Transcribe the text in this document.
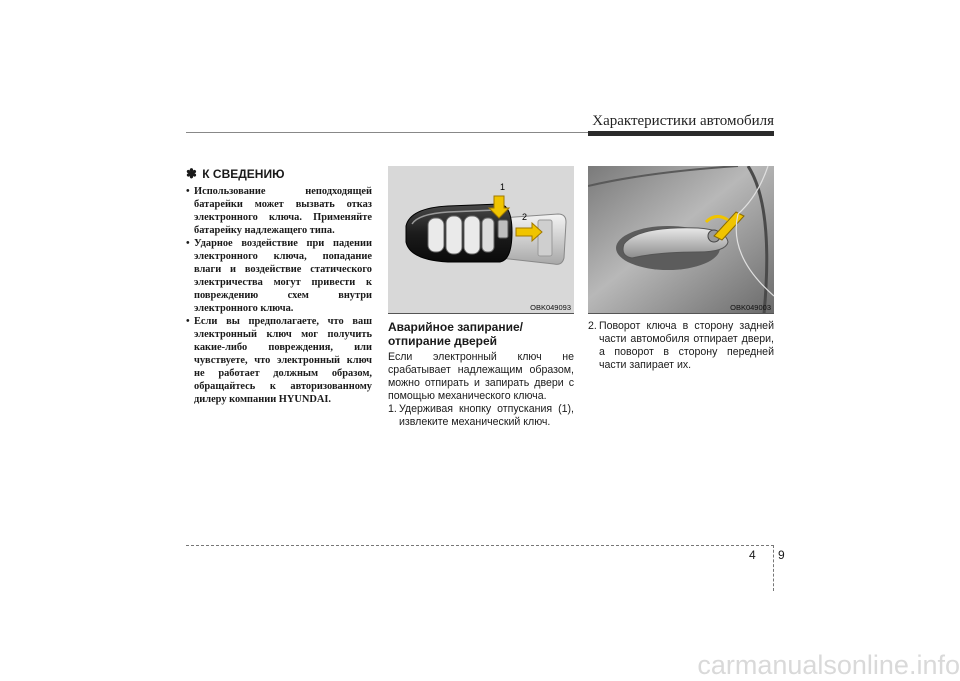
Характеристики автомобиля
✽ К СВЕДЕНИЮ
• Использование неподходящей батарейки может вызвать отказ электронного ключа. Применяйте батарейку надлежащего типа.
• Ударное воздействие при падении электронного ключа, попадание влаги и воздействие статического электричества могут привести к повреждению схем внутри электронного ключа.
• Если вы предполагаете, что ваш электронный ключ мог получить какие-либо повреждения, или чувствуете, что электронный ключ не работает должным образом, обращайтесь к авторизованному дилеру компании HYUNDAI.
1
2
OBK049093	OBK049003
Аварийное запирание/ отпирание дверей
Если электронный ключ не срабатывает надлежащим образом, можно отпирать и запирать двери с помощью механического ключа.
1. Удерживая кнопку отпускания (1), извлеките механический ключ.
2. Поворот ключа в сторону задней части автомобиля отпирает двери, а поворот в сторону передней части запирает их.
4 9
carmanualsonline.info
